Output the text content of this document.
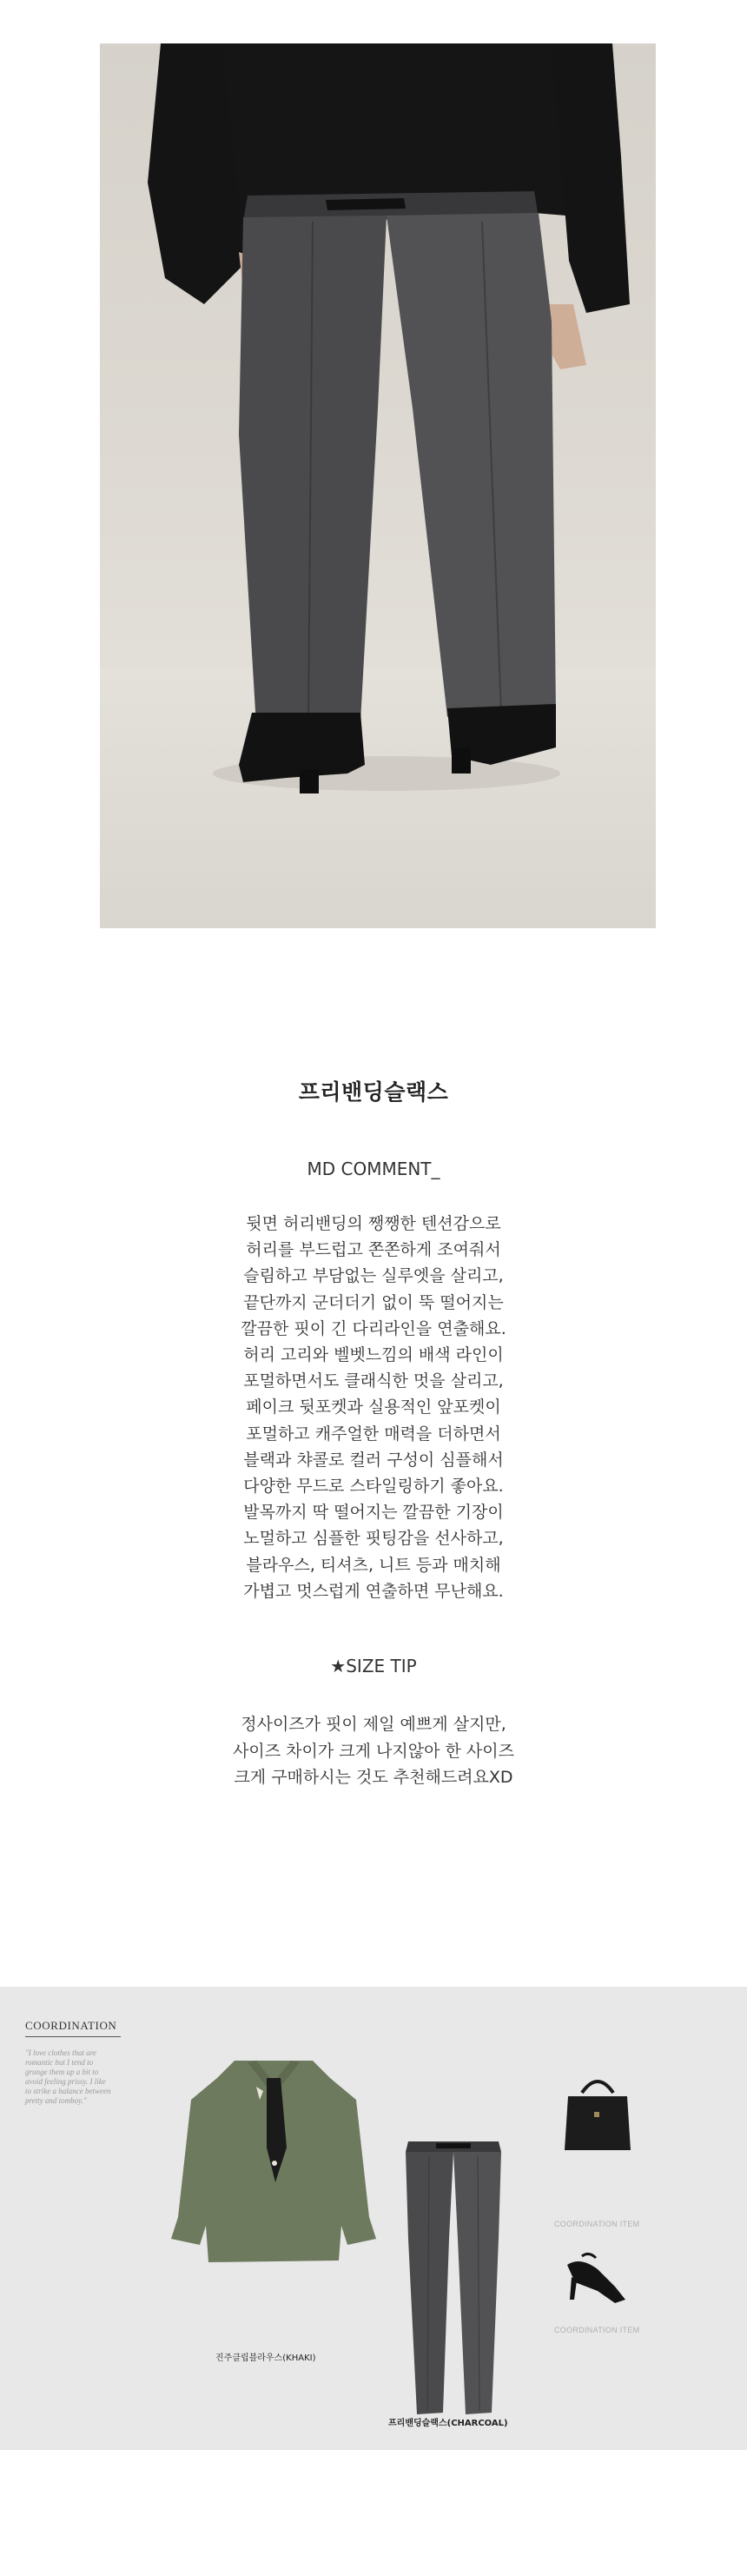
프리밴딩슬랙스
MD COMMENT_
뒷면 허리밴딩의 쨍쨍한 텐션감으로
허리를 부드럽고 쫀쫀하게 조여줘서
슬림하고 부담없는 실루엣을 살리고,
끝단까지 군더더기 없이 뚝 떨어지는
깔끔한 핏이 긴 다리라인을 연출해요.
허리 고리와 벨벳느낌의 배색 라인이
포멀하면서도 클래식한 멋을 살리고,
페이크 뒷포켓과 실용적인 앞포켓이
포멀하고 캐주얼한 매력을 더하면서
블랙과 챠콜로 컬러 구성이 심플해서
다양한 무드로 스타일링하기 좋아요.
발목까지 딱 떨어지는 깔끔한 기장이
노멀하고 심플한 핏팅감을 선사하고,
블라우스, 티셔츠, 니트 등과 매치해
가볍고 멋스럽게 연출하면 무난해요.
★SIZE TIP
정사이즈가 핏이 제일 예쁘게 살지만,
사이즈 차이가 크게 나지않아 한 사이즈
크게 구매하시는 것도 추천해드려요XD
COORDINATION
"I love clothes that are
romantic but I tend to
grunge them up a bit to
avoid feeling prissy. I like
to strike a balance between
pretty and tomboy."
진주클립블라우스(KHAKI)
프리밴딩슬랙스(CHARCOAL)
COORDINATION ITEM
COORDINATION ITEM
